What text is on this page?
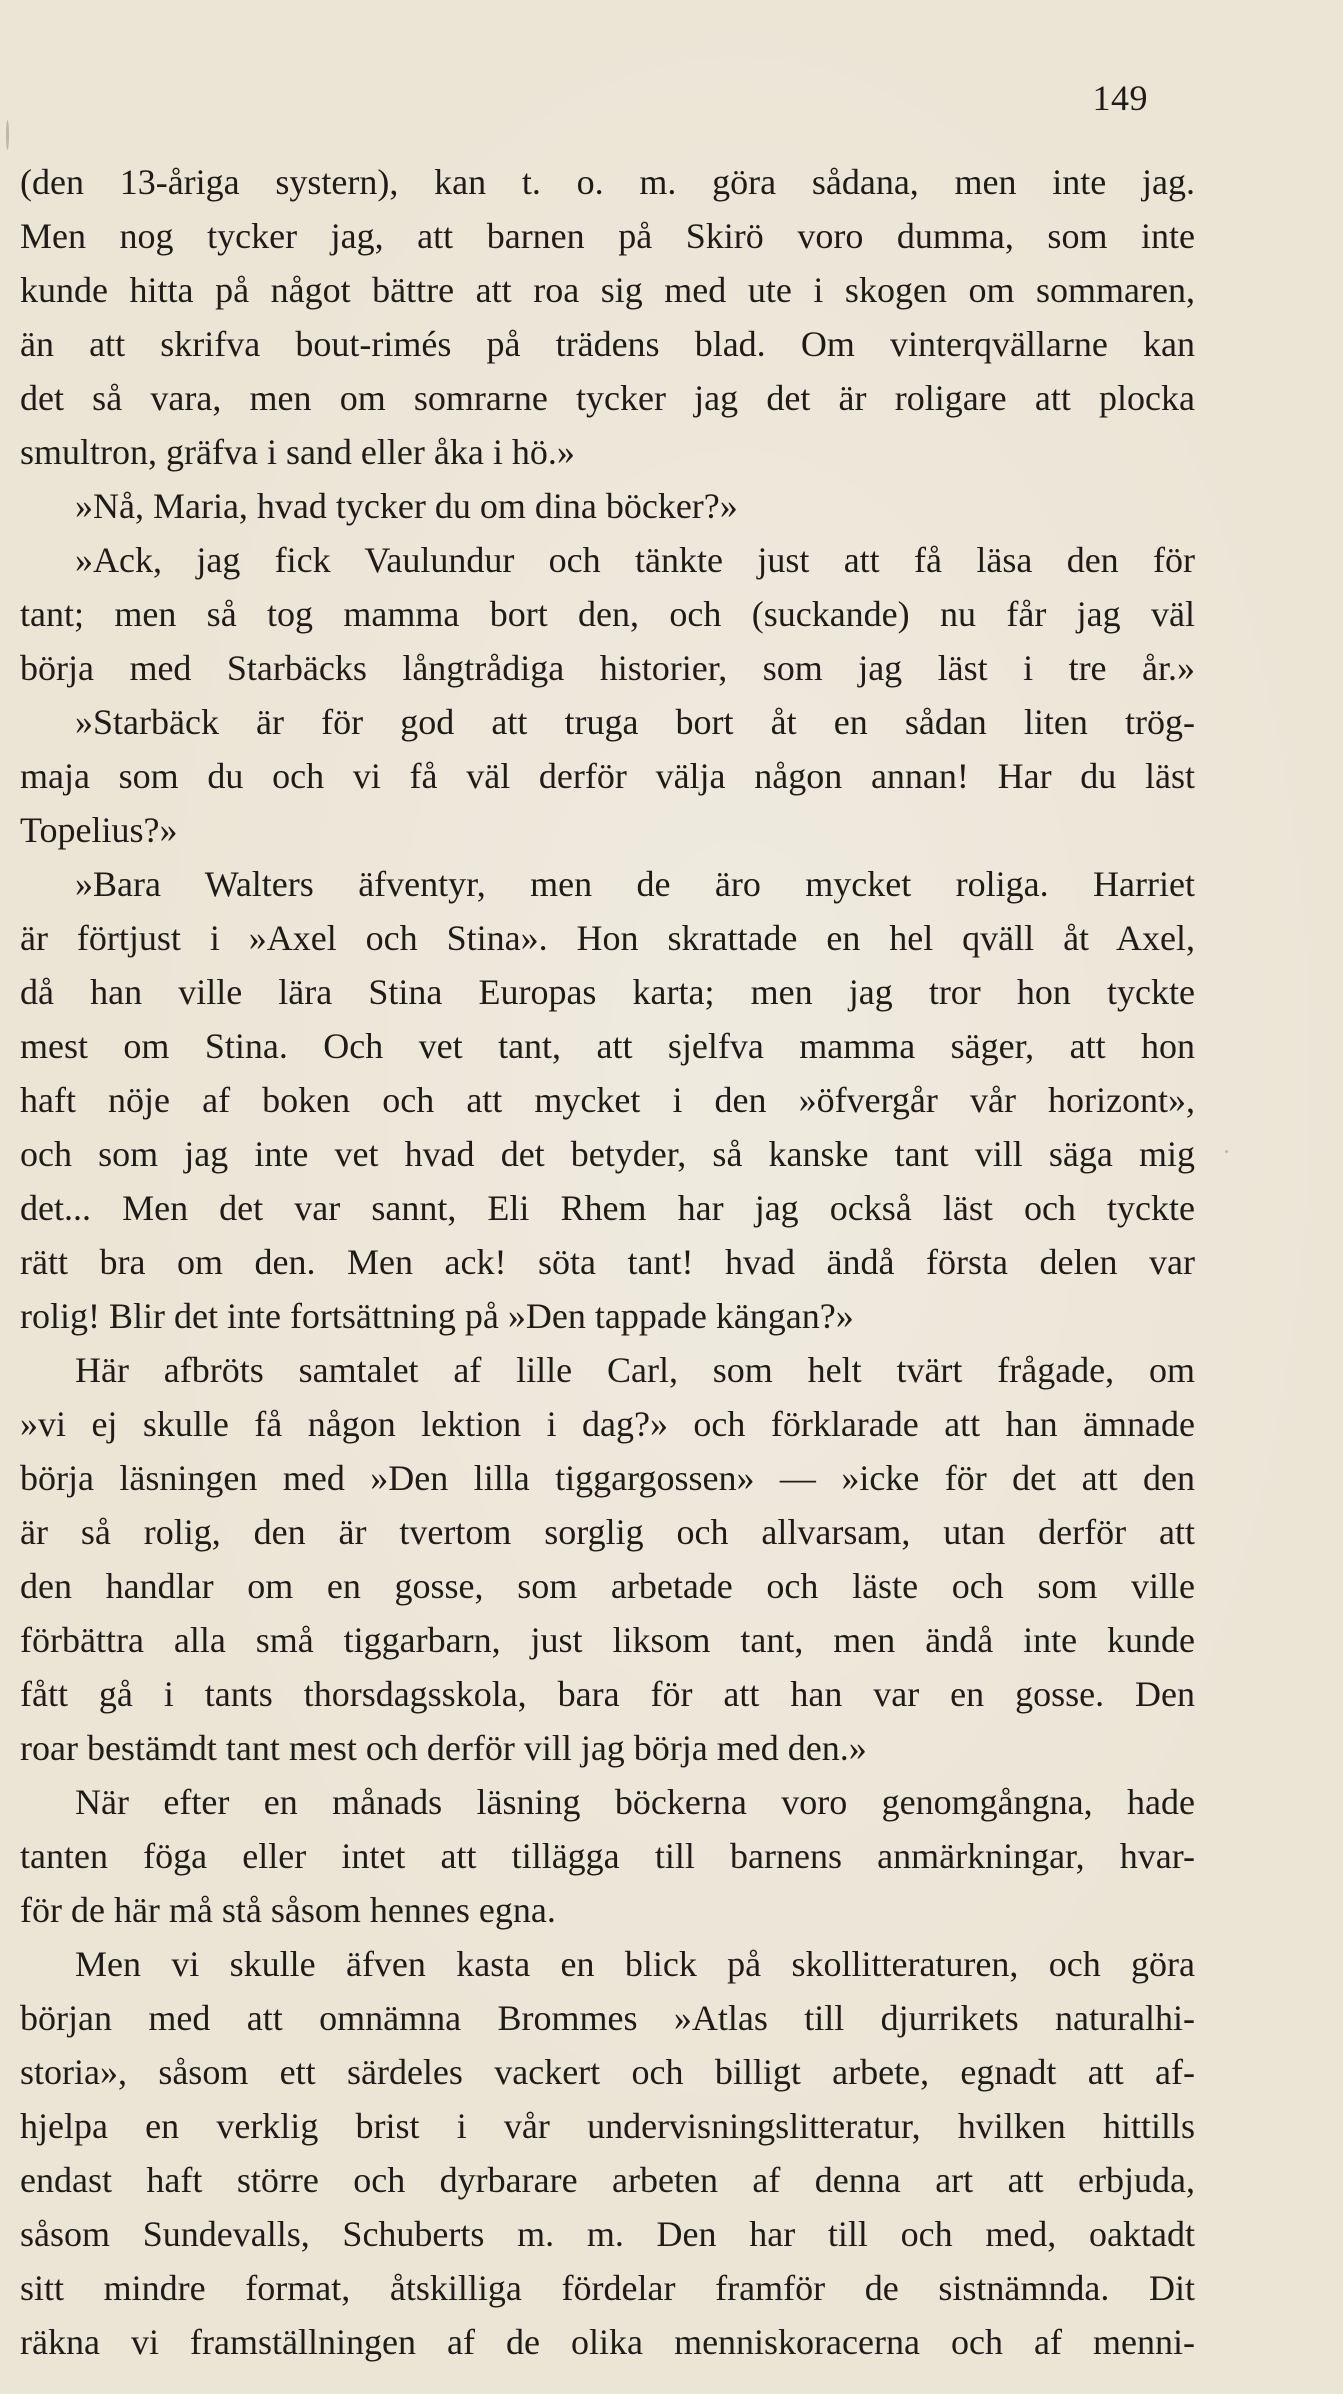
149
(den 13-åriga systern), kan t. o. m. göra sådana, men inte jag.
Men nog tycker jag, att barnen på Skirö voro dumma, som inte
kunde hitta på något bättre att roa sig med ute i skogen om sommaren,
än att skrifva bout-rimés på trädens blad. Om vinterqvällarne kan
det så vara, men om somrarne tycker jag det är roligare att plocka
smultron, gräfva i sand eller åka i hö.»
»Nå, Maria, hvad tycker du om dina böcker?»
»Ack, jag fick Vaulundur och tänkte just att få läsa den för
tant; men så tog mamma bort den, och (suckande) nu får jag väl
börja med Starbäcks långtrådiga historier, som jag läst i tre år.»
»Starbäck är för god att truga bort åt en sådan liten trög-
maja som du och vi få väl derför välja någon annan! Har du läst
Topelius?»
»Bara Walters äfventyr, men de äro mycket roliga. Harriet
är förtjust i »Axel och Stina». Hon skrattade en hel qväll åt Axel,
då han ville lära Stina Europas karta; men jag tror hon tyckte
mest om Stina. Och vet tant, att sjelfva mamma säger, att hon
haft nöje af boken och att mycket i den »öfvergår vår horizont»,
och som jag inte vet hvad det betyder, så kanske tant vill säga mig
det... Men det var sannt, Eli Rhem har jag också läst och tyckte
rätt bra om den. Men ack! söta tant! hvad ändå första delen var
rolig! Blir det inte fortsättning på »Den tappade kängan?»
Här afbröts samtalet af lille Carl, som helt tvärt frågade, om
»vi ej skulle få någon lektion i dag?» och förklarade att han ämnade
börja läsningen med »Den lilla tiggargossen» — »icke för det att den
är så rolig, den är tvertom sorglig och allvarsam, utan derför att
den handlar om en gosse, som arbetade och läste och som ville
förbättra alla små tiggarbarn, just liksom tant, men ändå inte kunde
fått gå i tants thorsdagsskola, bara för att han var en gosse. Den
roar bestämdt tant mest och derför vill jag börja med den.»
När efter en månads läsning böckerna voro genomgångna, hade
tanten föga eller intet att tillägga till barnens anmärkningar, hvar-
för de här må stå såsom hennes egna.
Men vi skulle äfven kasta en blick på skollitteraturen, och göra
början med att omnämna Brommes »Atlas till djurrikets naturalhi-
storia», såsom ett särdeles vackert och billigt arbete, egnadt att af-
hjelpa en verklig brist i vår undervisningslitteratur, hvilken hittills
endast haft större och dyrbarare arbeten af denna art att erbjuda,
såsom Sundevalls, Schuberts m. m. Den har till och med, oaktadt
sitt mindre format, åtskilliga fördelar framför de sistnämnda. Dit
räkna vi framställningen af de olika menniskoracerna och af menni-
